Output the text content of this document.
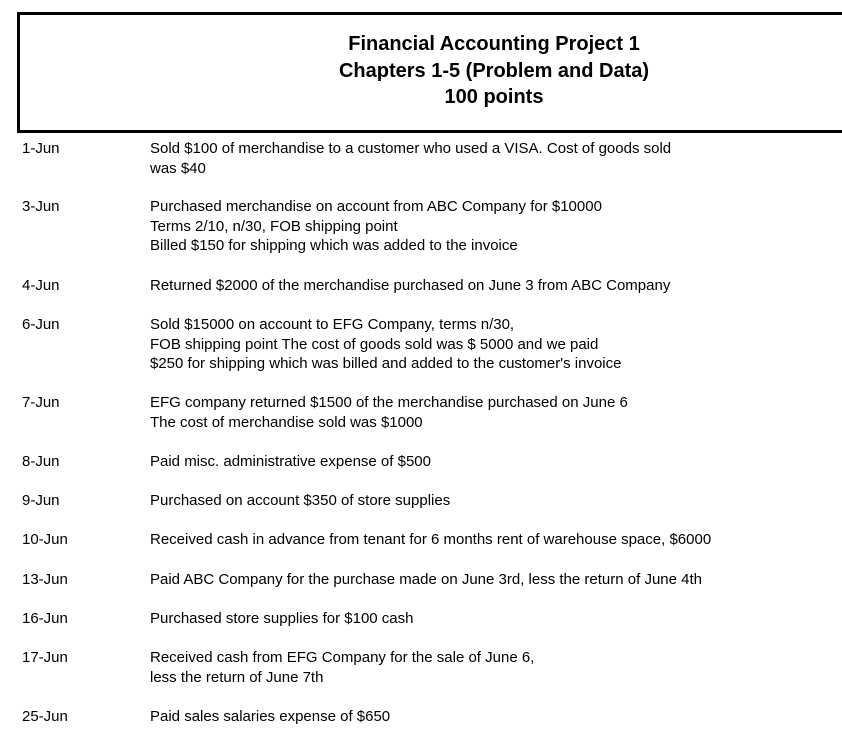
Financial Accounting Project 1
Chapters 1-5 (Problem and Data)
100 points
1-Jun	Sold $100 of merchandise to a customer who used a VISA. Cost of goods sold
was $40
3-Jun	Purchased merchandise on account from ABC Company for $10000
Terms 2/10, n/30, FOB shipping point
Billed $150 for shipping which was added to the invoice
4-Jun	Returned $2000 of the merchandise purchased on June 3 from ABC Company
6-Jun	Sold $15000 on account to EFG Company, terms n/30,
FOB shipping point The cost of goods sold was $ 5000 and we paid
$250 for shipping which was billed and added to the customer's invoice
7-Jun	EFG company returned $1500 of the merchandise purchased on June 6
The cost of merchandise sold was $1000
8-Jun	Paid misc. administrative expense of $500
9-Jun	Purchased on account $350 of store supplies
10-Jun	Received cash in advance from tenant for 6 months rent of warehouse space, $6000
13-Jun	Paid ABC Company for the purchase made on June 3rd, less the return of June 4th
16-Jun	Purchased store supplies for $100 cash
17-Jun	Received cash from EFG Company for the sale of June 6,
less the return of June 7th
25-Jun	Paid sales salaries expense of $650
